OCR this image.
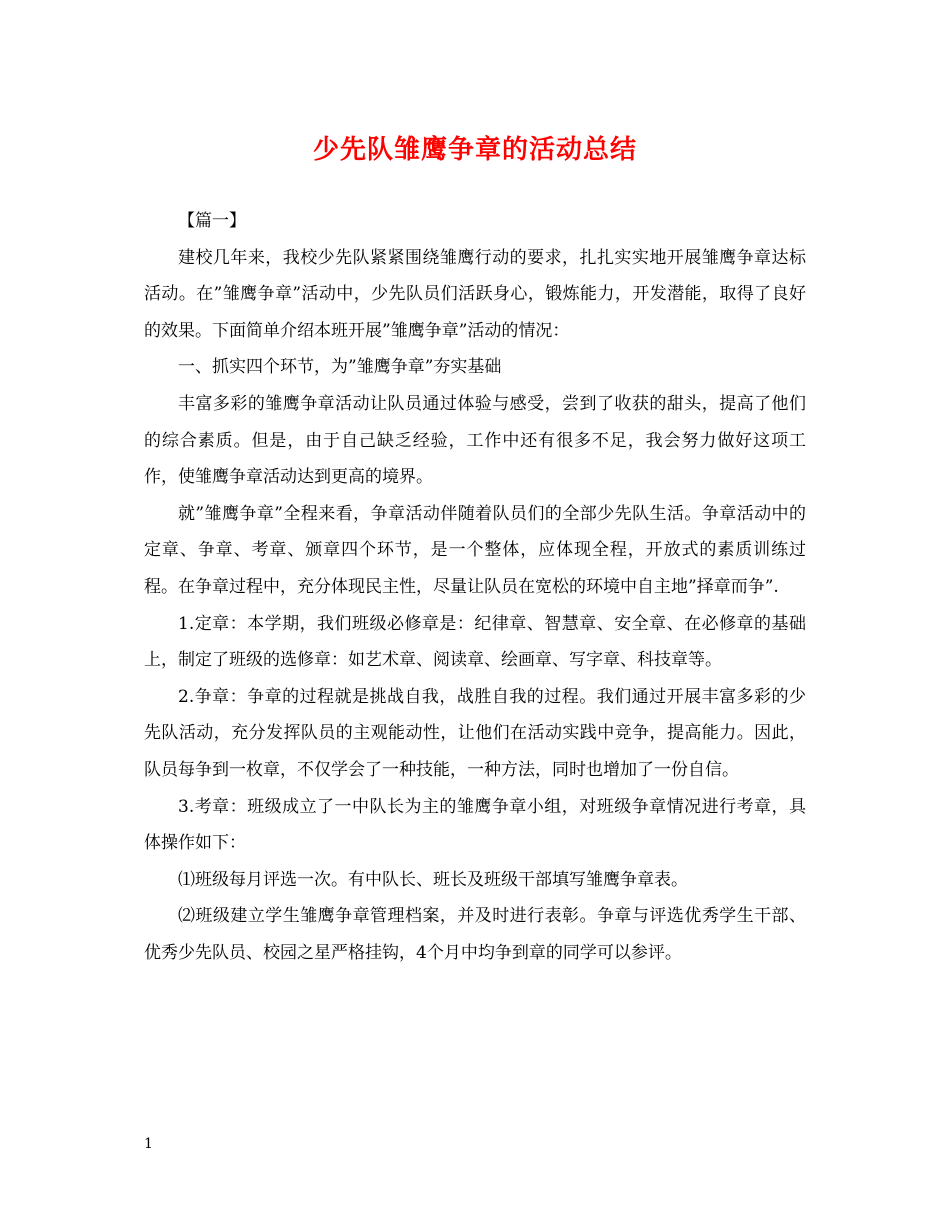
少先队雏鹰争章的活动总结

【篇一】

建校几年来，我校少先队紧紧围绕雏鹰行动的要求，扎扎实实地开展雏鹰争章达标活动。在”雏鹰争章”活动中，少先队员们活跃身心，锻炼能力，开发潜能，取得了良好的效果。下面简单介绍本班开展”雏鹰争章”活动的情况：

一、抓实四个环节，为”雏鹰争章”夯实基础

丰富多彩的雏鹰争章活动让队员通过体验与感受，尝到了收获的甜头，提高了他们的综合素质。但是，由于自己缺乏经验，工作中还有很多不足，我会努力做好这项工作，使雏鹰争章活动达到更高的境界。

就”雏鹰争章”全程来看，争章活动伴随着队员们的全部少先队生活。争章活动中的定章、争章、考章、颁章四个环节，是一个整体，应体现全程，开放式的素质训练过程。在争章过程中，充分体现民主性，尽量让队员在宽松的环境中自主地”择章而争”.

1.定章：本学期，我们班级必修章是：纪律章、智慧章、安全章、在必修章的基础上，制定了班级的选修章：如艺术章、阅读章、绘画章、写字章、科技章等。

2.争章：争章的过程就是挑战自我，战胜自我的过程。我们通过开展丰富多彩的少先队活动，充分发挥队员的主观能动性，让他们在活动实践中竞争，提高能力。因此，队员每争到一枚章，不仅学会了一种技能，一种方法，同时也增加了一份自信。

3.考章：班级成立了一中队长为主的雏鹰争章小组，对班级争章情况进行考章，具体操作如下：

⑴班级每月评选一次。有中队长、班长及班级干部填写雏鹰争章表。

⑵班级建立学生雏鹰争章管理档案，并及时进行表彰。争章与评选优秀学生干部、优秀少先队员、校园之星严格挂钩，4个月中均争到章的同学可以参评。

1
